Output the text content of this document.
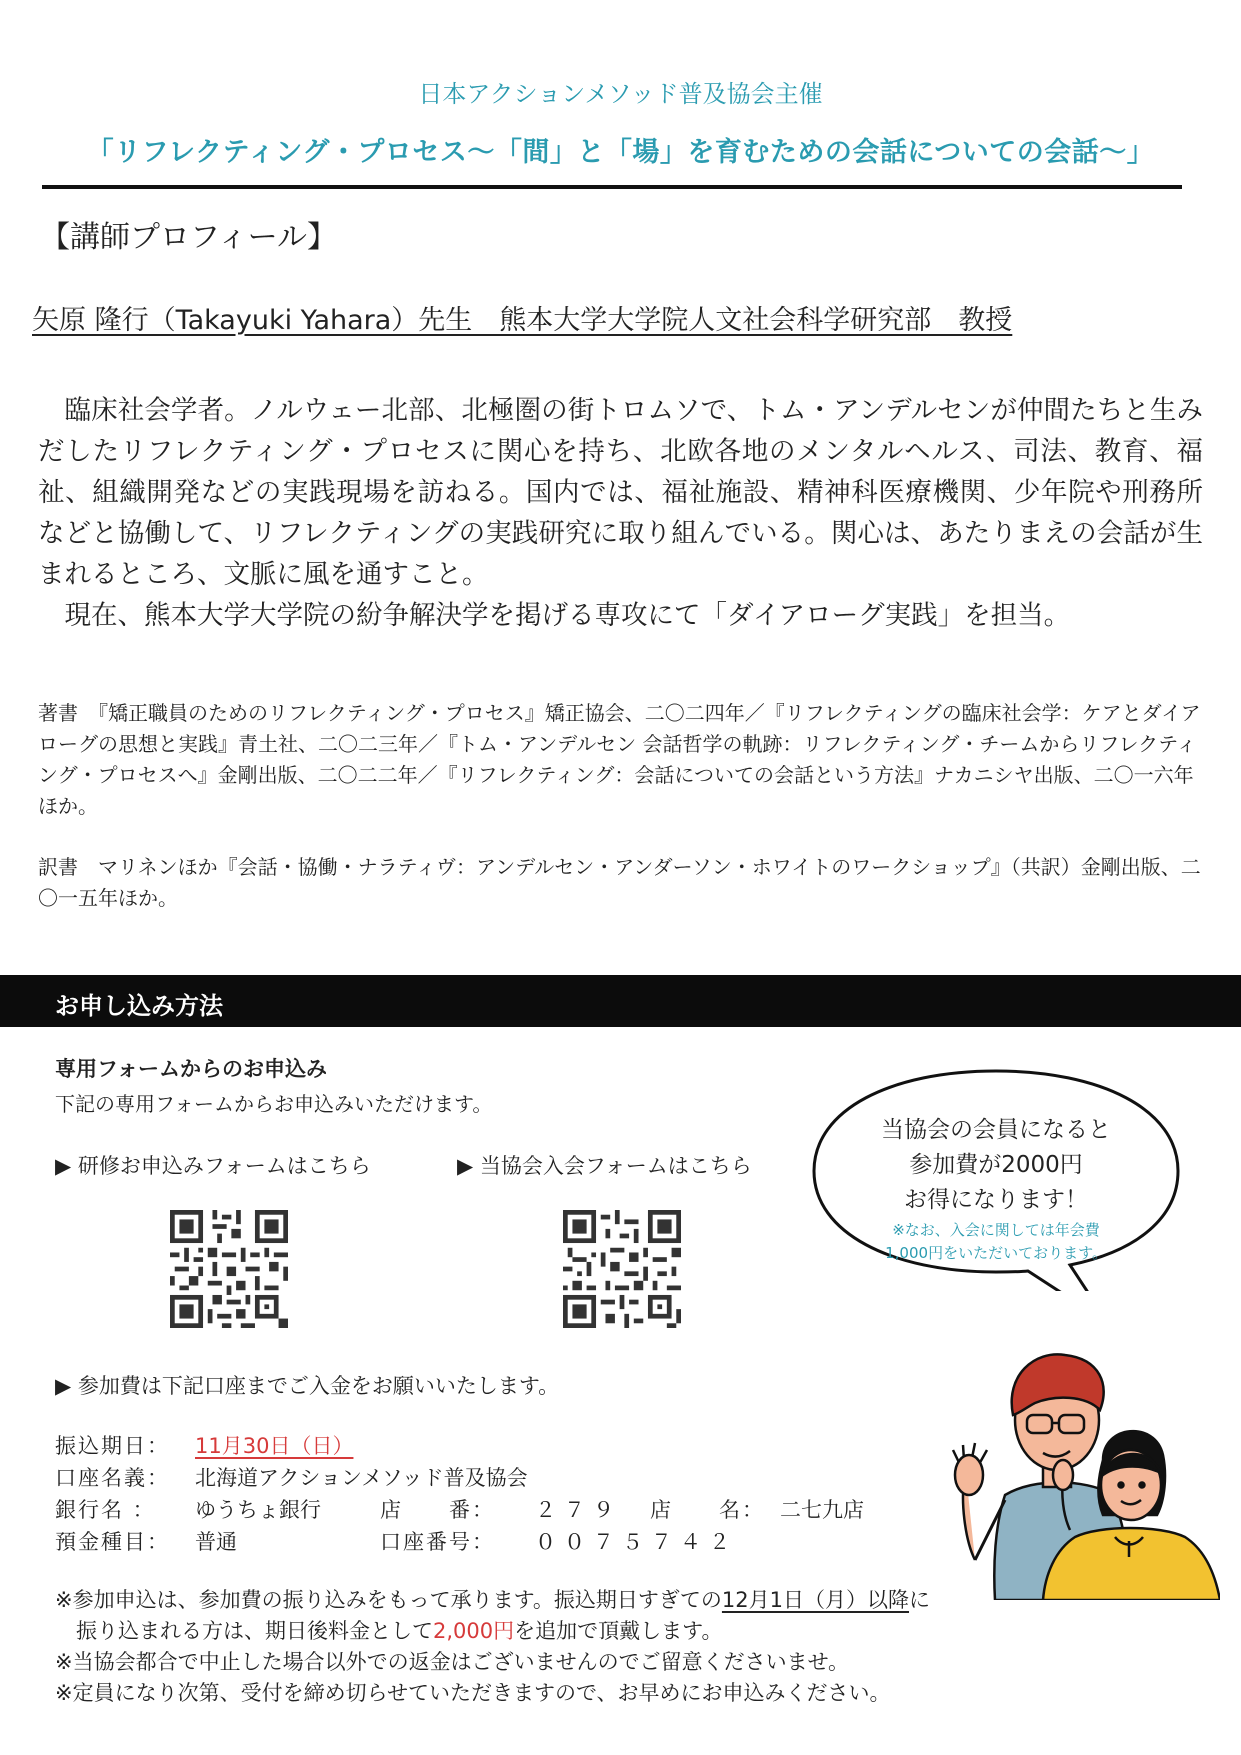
日本アクションメソッド普及協会主催
「リフレクティング・プロセス〜「間」と「場」を育むための会話についての会話〜」
【講師プロフィール】
矢原 隆行（Takayuki Yahara）先生　熊本大学大学院人文社会科学研究部　教授

臨床社会学者。ノルウェー北部、北極圏の街トロムソで、トム・アンデルセンが仲間たちと生みだしたリフレクティング・プロセスに関心を持ち、北欧各地のメンタルヘルス、司法、教育、福祉、組織開発などの実践現場を訪ねる。国内では、福祉施設、精神科医療機関、少年院や刑務所などと協働して、リフレクティングの実践研究に取り組んでいる。関心は、あたりまえの会話が生まれるところ、文脈に風を通すこと。

現在、熊本大学大学院の紛争解決学を掲げる専攻にて「ダイアローグ実践」を担当。

著書　『矯正職員のためのリフレクティング・プロセス』矯正協会、二〇二四年／『リフレクティングの臨床社会学：ケアとダイアローグの思想と実践』青土社、二〇二三年／『トム・アンデルセン 会話哲学の軌跡：リフレクティング・チームからリフレクティング・プロセスへ』金剛出版、二〇二二年／『リフレクティング：会話についての会話という方法』ナカニシヤ出版、二〇一六年ほか。
訳書　マリネンほか『会話・協働・ナラティヴ：アンデルセン・アンダーソン・ホワイトのワークショップ』（共訳）金剛出版、二〇一五年ほか。
お申し込み方法
専用フォームからのお申込み
下記の専用フォームからお申込みいただけます。
▶ 研修お申込みフォームはこちら	▶ 当協会入会フォームはこちら
当協会の会員になると
参加費が2000円
お得になります！
※なお、入会に関しては年会費
1,000円をいただいております。
▶ 参加費は下記口座までご入金をお願いいたします。
振込期日： 11月30日（日）
口座名義： 北海道アクションメソッド普及協会
銀行名 ： ゆうちょ銀行	店　　番： ２７９ 店　　名： 二七九店
預金種目： 普通	口座番号： ００７５７４２
※参加申込は、参加費の振り込みをもって承ります。振込期日すぎての12月1日（月）以降に
振り込まれる方は、期日後料金として2,000円を追加で頂戴します。
※当協会都合で中止した場合以外での返金はございませんのでご留意くださいませ。
※定員になり次第、受付を締め切らせていただきますので、お早めにお申込みください。
